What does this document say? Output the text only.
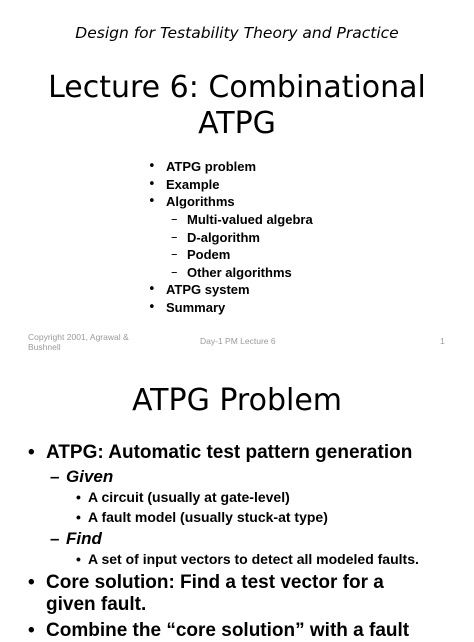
Design for Testability Theory and Practice
Lecture 6: Combinational
ATPG
• ATPG problem
• Example
• Algorithms
– Multi-valued algebra
– D-algorithm
– Podem
– Other algorithms
• ATPG system
• Summary
Copyright 2001, Agrawal &
Bushnell
Day-1 PM Lecture 6	1
ATPG Problem
• ATPG: Automatic test pattern generation
– Given
• A circuit (usually at gate-level)
• A fault model (usually stuck-at type)
– Find
• A set of input vectors to detect all modeled faults.
• Core solution: Find a test vector for a
given fault.
• Combine the “core solution” with a fault
